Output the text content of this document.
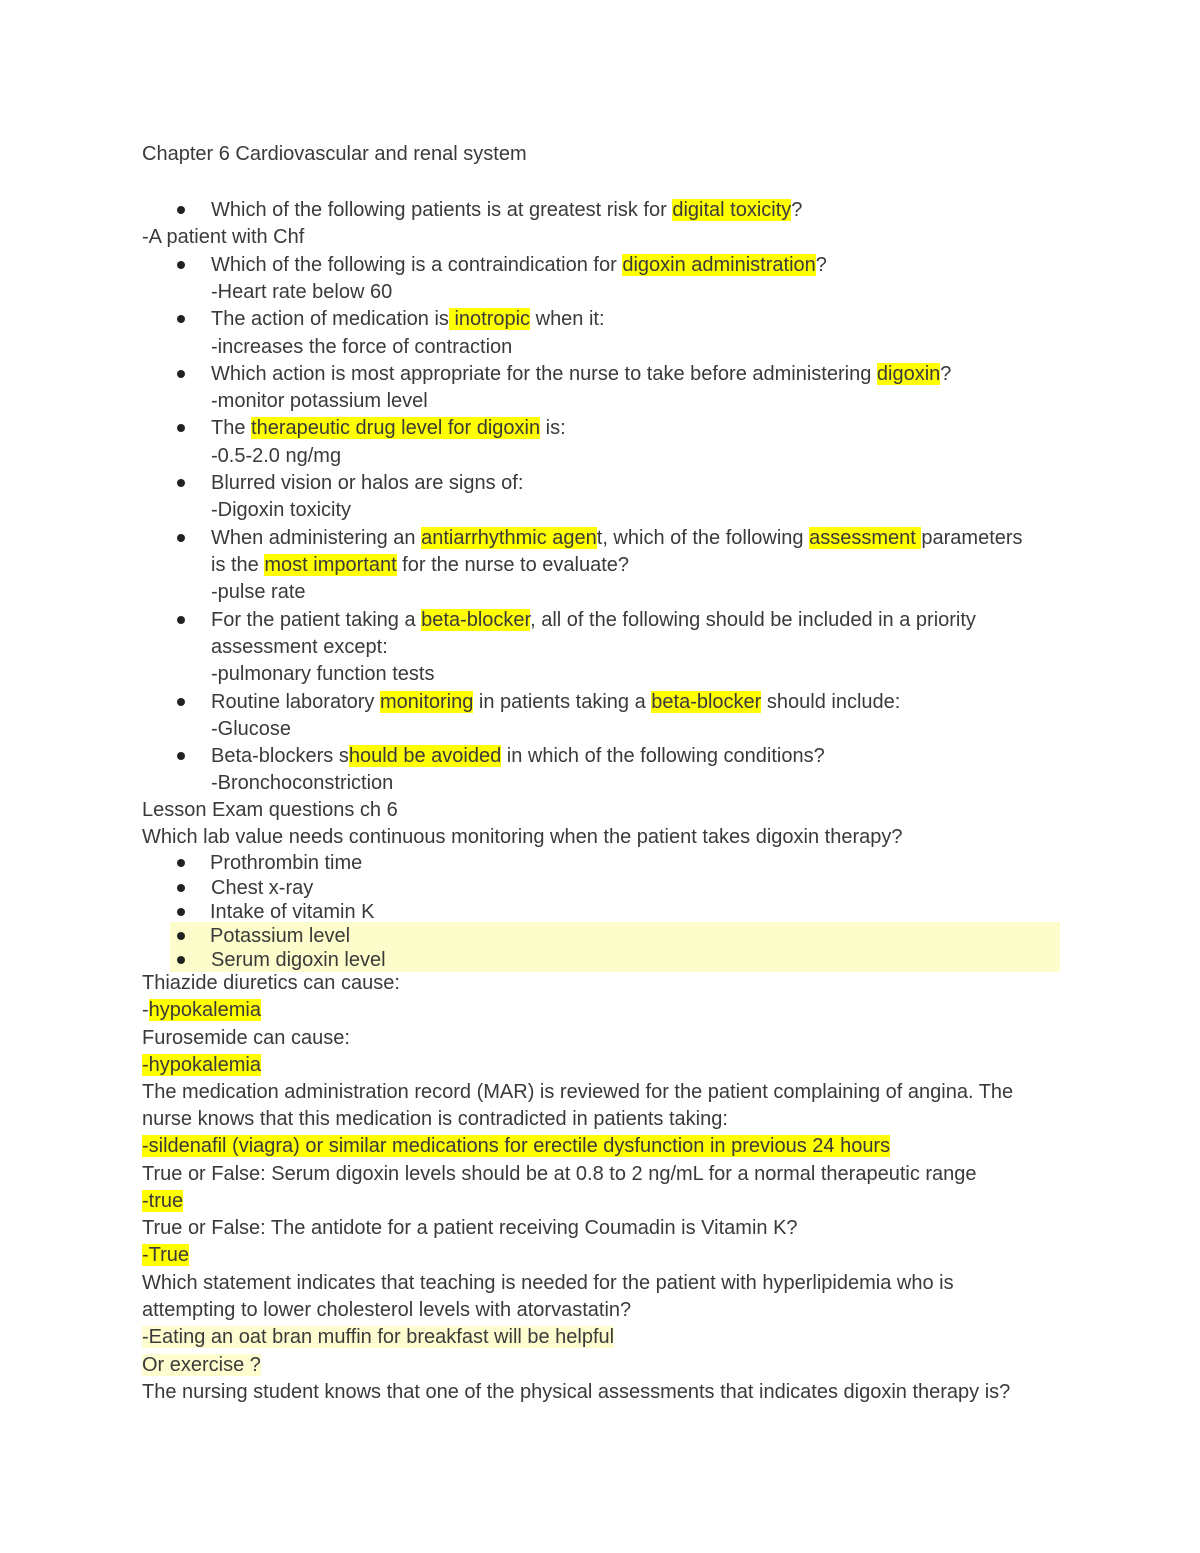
Chapter 6 Cardiovascular and renal system
Which of the following patients is at greatest risk for digital toxicity?
-A patient with Chf
Which of the following is a contraindication for digoxin administration?
-Heart rate below 60
The action of medication is inotropic when it:
-increases the force of contraction
Which action is most appropriate for the nurse to take before administering digoxin?
-monitor potassium level
The therapeutic drug level for digoxin is:
-0.5-2.0 ng/mg
Blurred vision or halos are signs of:
-Digoxin toxicity
When administering an antiarrhythmic agent, which of the following assessment parameters
is the most important for the nurse to evaluate?
-pulse rate
For the patient taking a beta-blocker, all of the following should be included in a priority
assessment except:
-pulmonary function tests
Routine laboratory monitoring in patients taking a beta-blocker should include:
-Glucose
Beta-blockers should be avoided in which of the following conditions?
-Bronchoconstriction
Lesson Exam questions ch 6
Which lab value needs continuous monitoring when the patient takes digoxin therapy?
Prothrombin time
Chest x-ray
Intake of vitamin K
Potassium level
Serum digoxin level
Thiazide diuretics can cause:
-hypokalemia
Furosemide can cause:
-hypokalemia
The medication administration record (MAR) is reviewed for the patient complaining of angina. The
nurse knows that this medication is contradicted in patients taking:
-sildenafil (viagra) or similar medications for erectile dysfunction in previous 24 hours
True or False: Serum digoxin levels should be at 0.8 to 2 ng/mL for a normal therapeutic range
-true
True or False: The antidote for a patient receiving Coumadin is Vitamin K?
-True
Which statement indicates that teaching is needed for the patient with hyperlipidemia who is
attempting to lower cholesterol levels with atorvastatin?
-Eating an oat bran muffin for breakfast will be helpful
Or exercise ?
The nursing student knows that one of the physical assessments that indicates digoxin therapy is?
